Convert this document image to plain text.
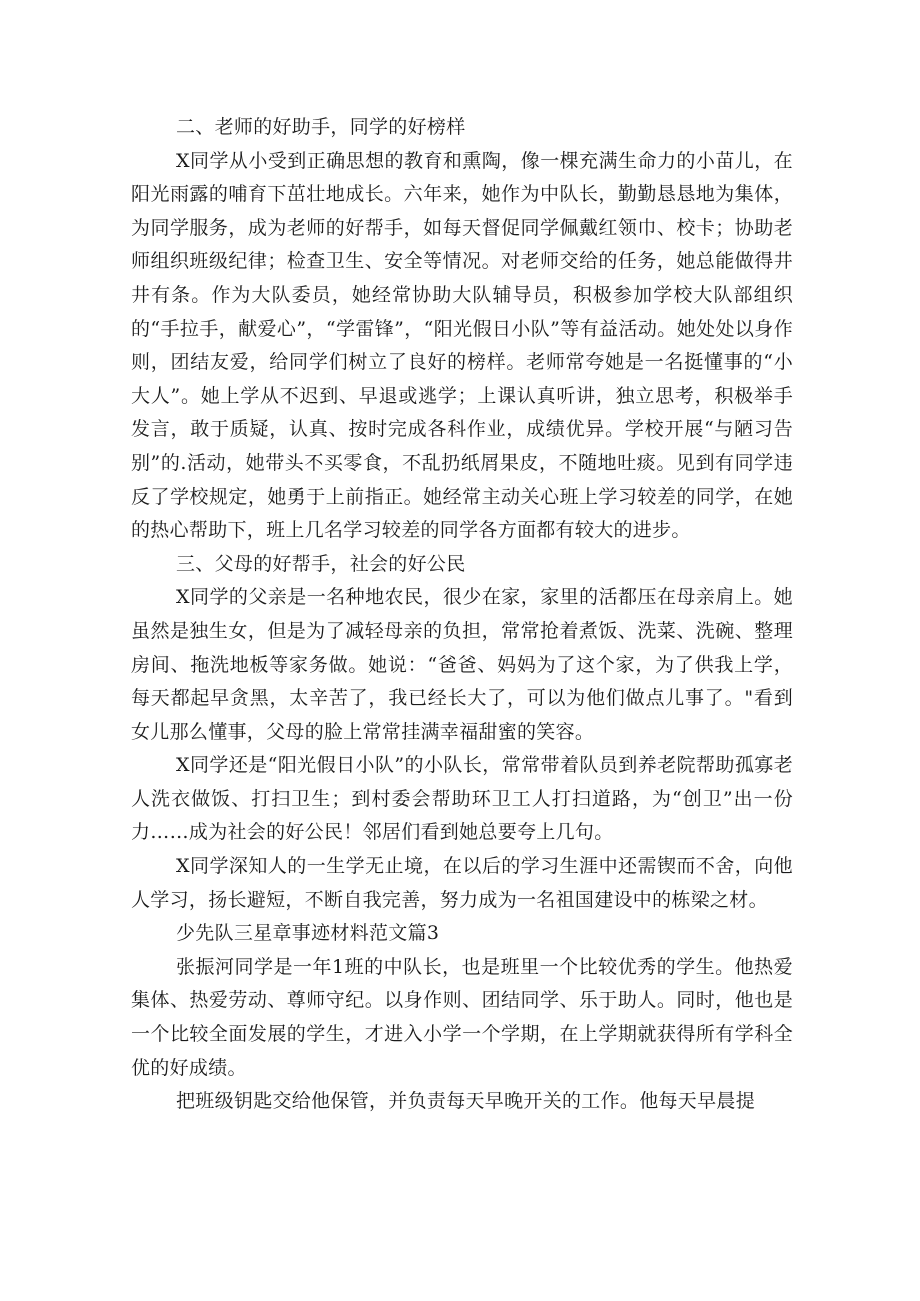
二、老师的好助手，同学的好榜样

X同学从小受到正确思想的教育和熏陶，像一棵充满生命力的小苗儿，在阳光雨露的哺育下茁壮地成长。六年来，她作为中队长，勤勤恳恳地为集体，为同学服务，成为老师的好帮手，如每天督促同学佩戴红领巾、校卡；协助老师组织班级纪律；检查卫生、安全等情况。对老师交给的任务，她总能做得井井有条。作为大队委员，她经常协助大队辅导员，积极参加学校大队部组织的“手拉手，献爱心”，“学雷锋”，“阳光假日小队”等有益活动。她处处以身作则，团结友爱，给同学们树立了良好的榜样。老师常夸她是一名挺懂事的“小大人”。她上学从不迟到、早退或逃学；上课认真听讲，独立思考，积极举手发言，敢于质疑，认真、按时完成各科作业，成绩优异。学校开展“与陋习告别”的.活动，她带头不买零食，不乱扔纸屑果皮，不随地吐痰。见到有同学违反了学校规定，她勇于上前指正。她经常主动关心班上学习较差的同学，在她的热心帮助下，班上几名学习较差的同学各方面都有较大的进步。

三、父母的好帮手，社会的好公民

X同学的父亲是一名种地农民，很少在家，家里的活都压在母亲肩上。她虽然是独生女，但是为了减轻母亲的负担，常常抢着煮饭、洗菜、洗碗、整理房间、拖洗地板等家务做。她说：“爸爸、妈妈为了这个家，为了供我上学，每天都起早贪黑，太辛苦了，我已经长大了，可以为他们做点儿事了。"看到女儿那么懂事，父母的脸上常常挂满幸福甜蜜的笑容。

X同学还是“阳光假日小队”的小队长，常常带着队员到养老院帮助孤寡老人洗衣做饭、打扫卫生；到村委会帮助环卫工人打扫道路，为“创卫”出一份力……成为社会的好公民！邻居们看到她总要夸上几句。

X同学深知人的一生学无止境，在以后的学习生涯中还需锲而不舍，向他人学习，扬长避短，不断自我完善，努力成为一名祖国建设中的栋梁之材。

少先队三星章事迹材料范文篇3

张振河同学是一年1班的中队长，也是班里一个比较优秀的学生。他热爱集体、热爱劳动、尊师守纪。以身作则、团结同学、乐于助人。同时，他也是一个比较全面发展的学生，才进入小学一个学期，在上学期就获得所有学科全优的好成绩。

把班级钥匙交给他保管，并负责每天早晚开关的工作。他每天早晨提
